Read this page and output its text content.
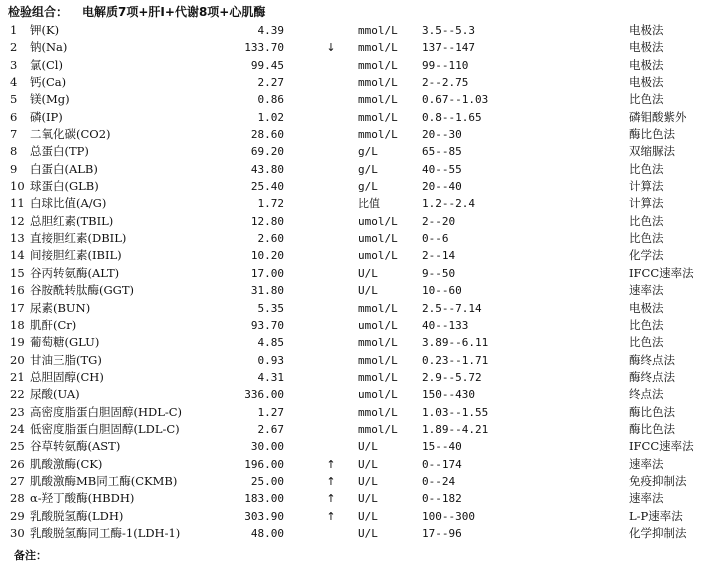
检验组合： 电解质7项+肝I+代谢8项+心肌酶
1	钾(K)	4.39	mmol/L 3.5--5.3	电极法
2	钠(Na)	133.70	↓ mmol/L 137--147	电极法
3	氯(Cl)	99.45	mmol/L 99--110	电极法
4	钙(Ca)	2.27	mmol/L 2--2.75	电极法
5	镁(Mg)	0.86	mmol/L 0.67--1.03	比色法
6	磷(IP)	1.02	mmol/L 0.8--1.65	磷钼酸紫外
7	二氧化碳(CO2)	28.60	mmol/L 20--30	酶比色法
8	总蛋白(TP)	69.20	g/L	65--85	双缩脲法
9	白蛋白(ALB)	43.80	g/L	40--55	比色法
10 球蛋白(GLB)	25.40	g/L	20--40	计算法
11 白球比值(A/G)	1.72	比值	1.2--2.4	计算法
12 总胆红素(TBIL)	12.80	umol/L 2--20	比色法
13 直接胆红素(DBIL)	2.60	umol/L 0--6	比色法
14 间接胆红素(IBIL)	10.20	umol/L 2--14	化学法
15 谷丙转氨酶(ALT)	17.00	U/L	9--50	IFCC速率法
16 谷胺酰转肽酶(GGT)	31.80	U/L	10--60	速率法
17 尿素(BUN)	5.35	mmol/L 2.5--7.14	电极法
18 肌酐(Cr)	93.70	umol/L 40--133	比色法
19 葡萄糖(GLU)	4.85	mmol/L 3.89--6.11	比色法
20 甘油三脂(TG)	0.93	mmol/L 0.23--1.71	酶终点法
21 总胆固醇(CH)	4.31	mmol/L 2.9--5.72	酶终点法
22 尿酸(UA)	336.00	umol/L 150--430	终点法
23 高密度脂蛋白胆固醇(HDL-C)	1.27	mmol/L 1.03--1.55	酶比色法
24 低密度脂蛋白胆固醇(LDL-C)	2.67	mmol/L 1.89--4.21	酶比色法
25 谷草转氨酶(AST)	30.00	U/L	15--40	IFCC速率法
26 肌酸激酶(CK)	196.00	↑ U/L	0--174	速率法
27 肌酸激酶MB同工酶(CKMB)	25.00	↑ U/L	0--24	免疫抑制法
28 α-羟丁酸酶(HBDH)	183.00	↑ U/L	0--182	速率法
29 乳酸脱氢酶(LDH)	303.90	↑ U/L	100--300	L-P速率法
30 乳酸脱氢酶同工酶-1(LDH-1)	48.00	U/L	17--96	化学抑制法
备注：
